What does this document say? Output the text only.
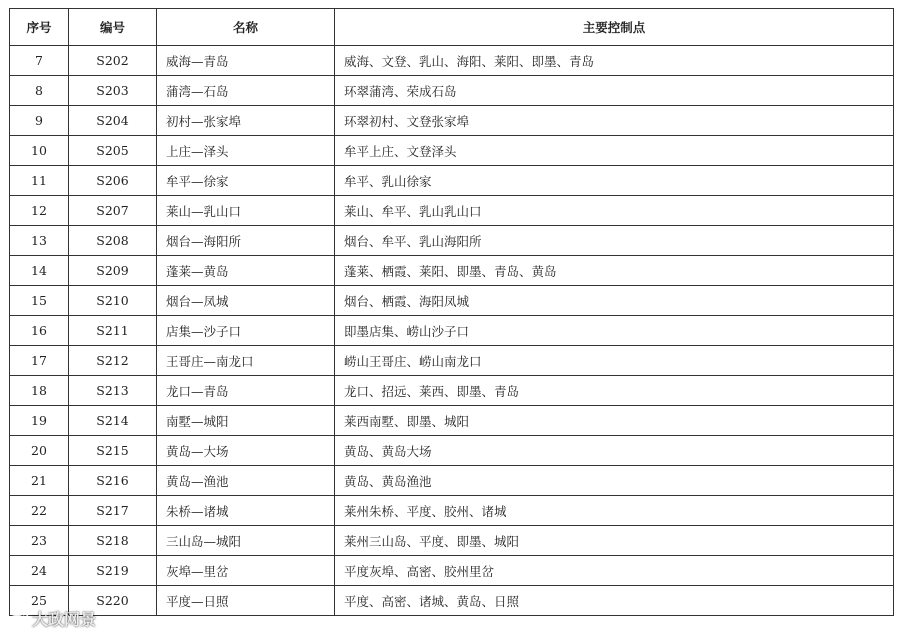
序号	编号	名称	主要控制点
7	S202	威海—青岛	威海、文登、乳山、海阳、莱阳、即墨、青岛
8	S203	蒲湾—石岛	环翠蒲湾、荣成石岛
9	S204	初村—张家埠	环翠初村、文登张家埠
10	S205	上庄—泽头	牟平上庄、文登泽头
11	S206	牟平—徐家	牟平、乳山徐家
12	S207	莱山—乳山口	莱山、牟平、乳山乳山口
13	S208	烟台—海阳所	烟台、牟平、乳山海阳所
14	S209	蓬莱—黄岛	蓬莱、栖霞、莱阳、即墨、青岛、黄岛
15	S210	烟台—凤城	烟台、栖霞、海阳凤城
16	S211	店集—沙子口	即墨店集、崂山沙子口
17	S212	王哥庄—南龙口	崂山王哥庄、崂山南龙口
18	S213	龙口—青岛	龙口、招远、莱西、即墨、青岛
19	S214	南墅—城阳	莱西南墅、即墨、城阳
20	S215	黄岛—大场	黄岛、黄岛大场
21	S216	黄岛—渔池	黄岛、黄岛渔池
22	S217	朱桥—诸城	莱州朱桥、平度、胶州、诸城
23	S218	三山岛—城阳	莱州三山岛、平度、即墨、城阳
24	S219	灰埠—里岔	平度灰埠、高密、胶州里岔
25	S220	平度—日照	平度、高密、诸城、黄岛、日照
大政网景
